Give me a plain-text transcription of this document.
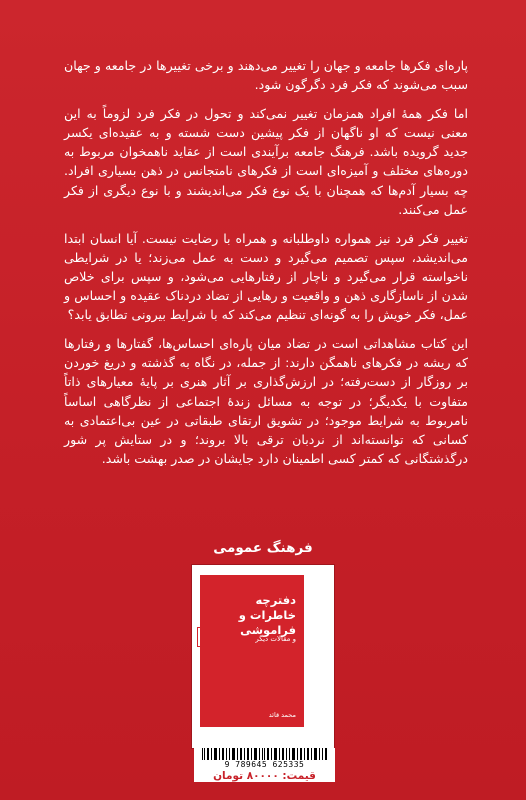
پاره‌ای فکرها جامعه و جهان را تغییر می‌دهند و برخی تغییرها در جامعه و جهان سبب می‌شوند که فکر فرد دگرگون شود.

اما فکر همهٔ افراد همزمان تغییر نمی‌کند و تحول در فکر فرد لزوماً به این معنی نیست که او ناگهان از فکر پیشین دست شسته و به عقیده‌ای یکسر جدید گرویده باشد. فرهنگ جامعه برآیندی است از عقاید ناهمخوان مربوط به دوره‌های مختلف و آمیزه‌ای است از فکرهای نامتجانس در ذهن بسیاری افراد. چه بسیار آدم‌ها که همچنان با یک نوع فکر می‌اندیشند و با نوع دیگری از فکر عمل می‌کنند.

تغییر فکر فرد نیز همواره داوطلبانه و همراه با رضایت نیست. آیا انسان ابتدا می‌اندیشد، سپس تصمیم می‌گیرد و دست به عمل می‌زند؛ یا در شرایطی ناخواسته قرار می‌گیرد و ناچار از رفتارهایی می‌شود، و سپس برای خلاص شدن از ناسازگاری ذهن و واقعیت و رهایی از تضاد دردناک عقیده و احساس و عمل، فکر خویش را به گونه‌ای تنظیم می‌کند که با شرایط بیرونی تطابق یابد؟

این کتاب مشاهداتی است در تضاد میان پاره‌ای احساس‌ها، گفتارها و رفتارها که ریشه در فکرهای ناهمگن دارند: از جمله، در نگاه به گذشته و دریغ خوردن بر روزگار از دست‌رفته؛ در ارزش‌گذاری بر آثار هنری بر پایهٔ معیارهای ذاتاً متفاوت با یکدیگر؛ در توجه به مسائل زندهٔ اجتماعی از نظرگاهی اساساً نامربوط به شرایط موجود؛ در تشویق ارتقای طبقاتی در عین بی‌اعتمادی به کسانی که توانسته‌اند از نردبان ترقی بالا بروند؛ و در ستایش پر شور درگذشتگانی که کمتر کسی اطمینان دارد جایشان در صدر بهشت باشد.

فرهنگ عمومی
دفترچه خاطرات و فراموشی
و مقالات دیگر
محمد قائد
9 789645 625335
قیمت: ۸۰۰۰۰ تومان
